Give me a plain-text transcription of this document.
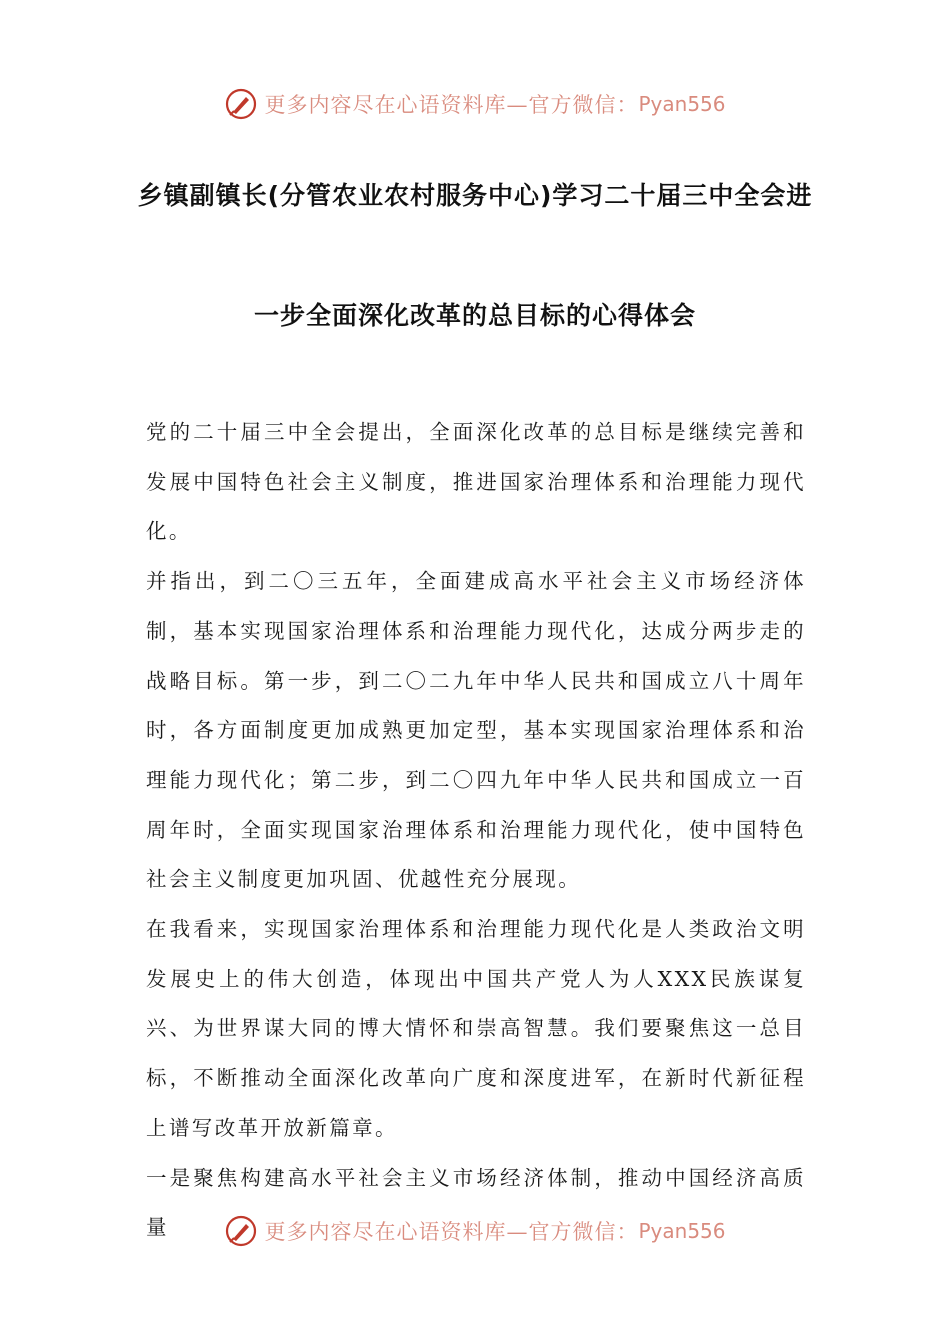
更多内容尽在心语资料库—官方微信： Pyan556
乡镇副镇长(分管农业农村服务中心)学习二十届三中全会进
一步全面深化改革的总目标的心得体会

党的二十届三中全会提出，全面深化改革的总目标是继续完善和发展中国特色社会主义制度，推进国家治理体系和治理能力现代化。

并指出，到二〇三五年，全面建成高水平社会主义市场经济体制，基本实现国家治理体系和治理能力现代化，达成分两步走的战略目标。第一步，到二〇二九年中华人民共和国成立八十周年时，各方面制度更加成熟更加定型，基本实现国家治理体系和治理能力现代化；第二步，到二〇四九年中华人民共和国成立一百周年时，全面实现国家治理体系和治理能力现代化，使中国特色社会主义制度更加巩固、优越性充分展现。

在我看来，实现国家治理体系和治理能力现代化是人类政治文明发展史上的伟大创造，体现出中国共产党人为人XXX民族谋复兴、为世界谋大同的博大情怀和崇高智慧。我们要聚焦这一总目标，不断推动全面深化改革向广度和深度进军，在新时代新征程上谱写改革开放新篇章。

一是聚焦构建高水平社会主义市场经济体制，推动中国经济高质量	更多内容尽在心语资料库—官方微信： Pyan556
